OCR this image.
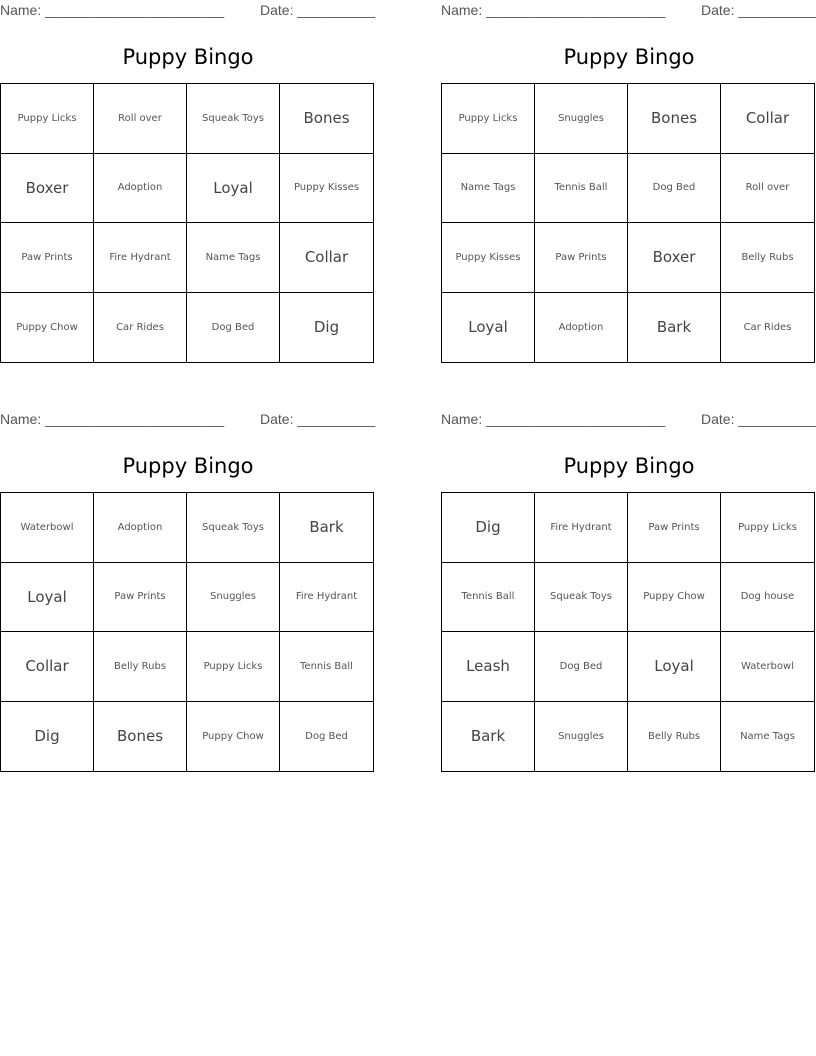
Name: _______________________	Date: __________
Puppy Bingo
Puppy Licks	Roll over	Squeak Toys	Bones
Boxer	Adoption	Loyal	Puppy Kisses
Paw Prints	Fire Hydrant	Name Tags	Collar
Puppy Chow	Car Rides	Dog Bed	Dig
Name: _______________________	Date: __________
Puppy Bingo
Puppy Licks	Snuggles	Bones	Collar
Name Tags	Tennis Ball	Dog Bed	Roll over
Puppy Kisses	Paw Prints	Boxer	Belly Rubs
Loyal	Adoption	Bark	Car Rides
Name: _______________________	Date: __________
Puppy Bingo
Waterbowl	Adoption	Squeak Toys	Bark
Loyal	Paw Prints	Snuggles	Fire Hydrant
Collar	Belly Rubs	Puppy Licks	Tennis Ball
Dig	Bones	Puppy Chow	Dog Bed
Name: _______________________	Date: __________
Puppy Bingo
Dig	Fire Hydrant	Paw Prints	Puppy Licks
Tennis Ball	Squeak Toys	Puppy Chow	Dog house
Leash	Dog Bed	Loyal	Waterbowl
Bark	Snuggles	Belly Rubs	Name Tags
